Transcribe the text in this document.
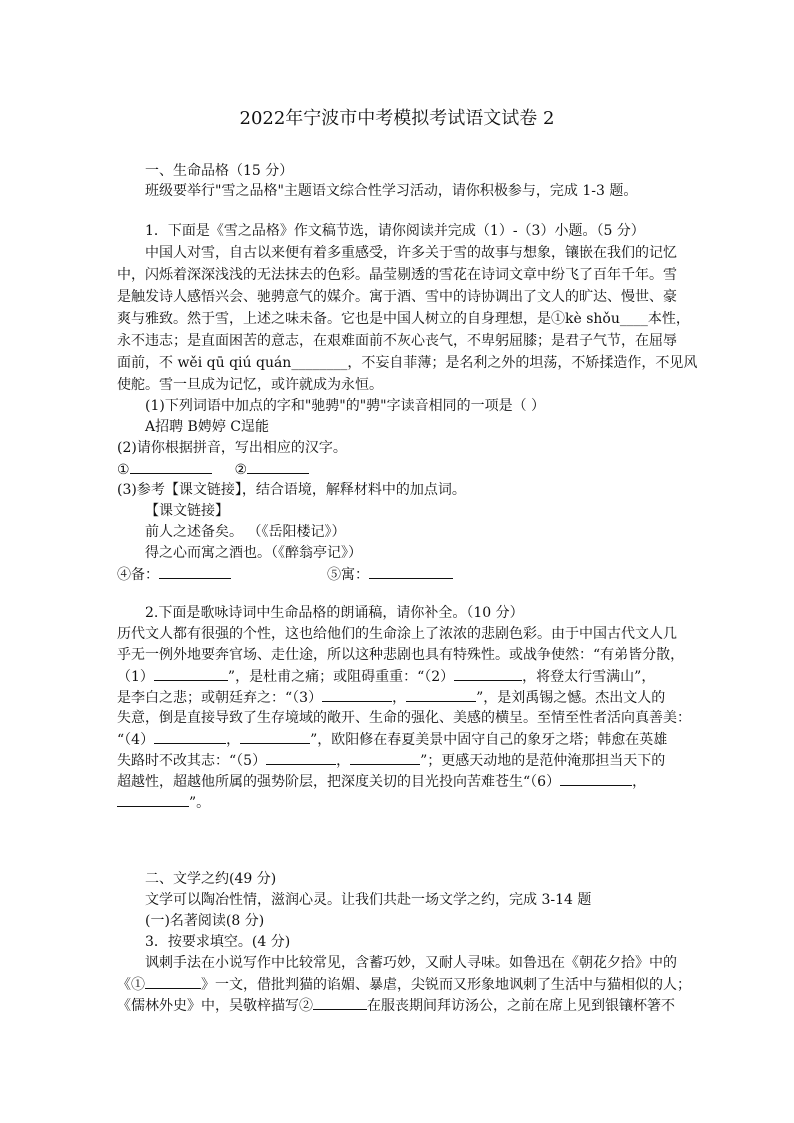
2022年宁波市中考模拟考试语文试卷 2
一、生命品格（15 分）
班级要举行"雪之品格"主题语文综合性学习活动，请你积极参与，完成 1-3 题。
1．下面是《雪之品格》作文稿节选，请你阅读并完成（1）-（3）小题。（5 分）
中国人对雪，自古以来便有着多重感受，许多关于雪的故事与想象，镶嵌在我们的记忆
中，闪烁着深深浅浅的无法抹去的色彩。晶莹剔透的雪花在诗词文章中纷飞了百年千年。雪
是触发诗人感悟兴会、驰骋意气的媒介。寓于酒、雪中的诗协调出了文人的旷达、慢世、豪
爽与雅致。然于雪，上述之味未备。它也是中国人树立的自身理想，是①kè shǒu____本性，
永不违志；是直面困苦的意志，在艰难面前不灰心丧气，不卑躬屈膝；是君子气节，在屈辱
面前，不 wěi qū qiú quán________，不妄自菲薄；是名利之外的坦荡，不矫揉造作，不见风
使舵。雪一旦成为记忆，或许就成为永恒。
(1)下列词语中加点的字和"驰骋"的"骋"字读音相同的一项是（ ）
A招聘 B娉婷 C逞能
(2)请你根据拼音，写出相应的汉字。
①	②
(3)参考【课文链接】，结合语境，解释材料中的加点词。
【课文链接】
前人之述备矣。 （《岳阳楼记》）
得之心而寓之酒也。（《醉翁亭记》）
④备：	⑤寓：
2.下面是歌咏诗词中生命品格的朗诵稿，请你补全。（10 分）
历代文人都有很强的个性，这也给他们的生命涂上了浓浓的悲剧色彩。由于中国古代文人几
乎无一例外地要奔官场、走仕途，所以这种悲剧也具有特殊性。或战争使然：“有弟皆分散，
（1）	”，是杜甫之痛；或阻碍重重：“（2）	，将登太行雪满山”，
是李白之悲；或朝廷弃之：“（3）	，	”，是刘禹锡之憾。杰出文人的
失意，倒是直接导致了生存境域的敞开、生命的强化、美感的横呈。至情至性者活向真善美：
“（4）	，	”，欧阳修在春夏美景中固守自己的象牙之塔；韩愈在英雄
失路时不改其志：“（5）	，	”；更感天动地的是范仲淹那担当天下的
超越性，超越他所属的强势阶层，把深度关切的目光投向苦难苍生“（6）	，
”。
二、文学之约(49 分)
文学可以陶冶性情，滋润心灵。让我们共赴一场文学之约，完成 3-14 题
(一)名著阅读(8 分)
3．按要求填空。(4 分)
讽刺手法在小说写作中比较常见，含蓄巧妙，又耐人寻味。如鲁迅在《朝花夕拾》中的
《①	》一文，借批判猫的谄媚、暴虐，尖锐而又形象地讽刺了生活中与猫相似的人；
《儒林外史》中，吴敬梓描写②	在服丧期间拜访汤公，之前在席上见到银镶杯箸不
